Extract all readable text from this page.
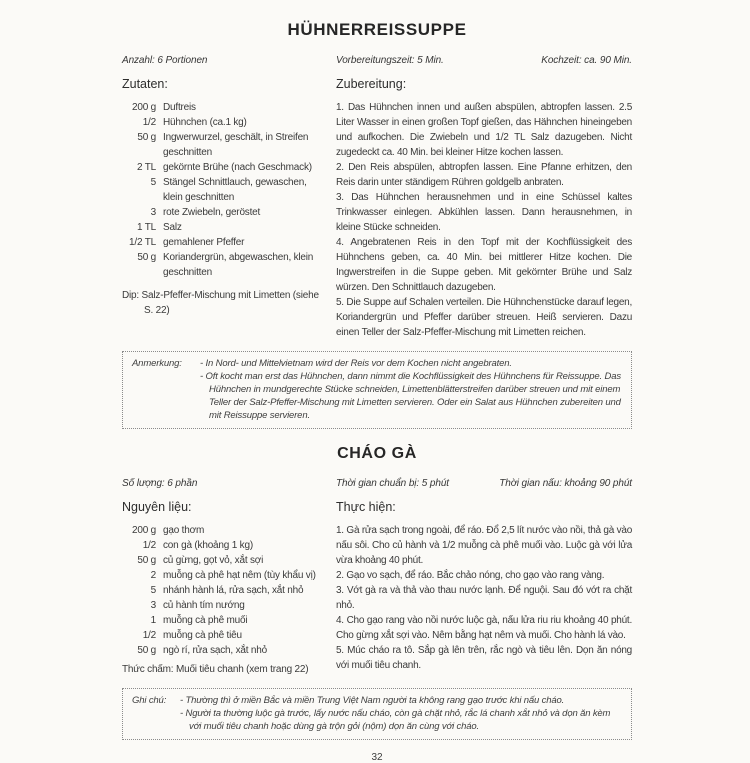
HÜHNERREISSUPPE
Anzahl: 6 Portionen	Vorbereitungszeit: 5 Min.	Kochzeit: ca. 90 Min.
Zutaten:
200 g Duftreis
1/2 Hühnchen (ca.1 kg)
50 g Ingwerwurzel, geschält, in Streifen geschnitten
2 TL gekörnte Brühe (nach Geschmack)
5 Stängel Schnittlauch, gewaschen, klein geschnitten
3 rote Zwiebeln, geröstet
1 TL Salz
1/2 TL gemahlener Pfeffer
50 g Koriandergrün, abgewaschen, klein geschnitten

Dip: Salz-Pfeffer-Mischung mit Limetten (siehe S. 22)

Zubereitung:

1. Das Hühnchen innen und außen abspülen, abtropfen lassen. 2.5 Liter Wasser in einen großen Topf gießen, das Hähnchen hineingeben und aufkochen. Die Zwiebeln und 1/2 TL Salz dazugeben. Nicht zugedeckt ca. 40 Min. bei kleiner Hitze kochen lassen.

2. Den Reis abspülen, abtropfen lassen. Eine Pfanne erhitzen, den Reis darin unter ständigem Rühren goldgelb anbraten.

3. Das Hühnchen herausnehmen und in eine Schüssel kaltes Trinkwasser einlegen. Abkühlen lassen. Dann herausnehmen, in kleine Stücke schneiden.

4. Angebratenen Reis in den Topf mit der Kochflüssigkeit des Hühnchens geben, ca. 40 Min. bei mittlerer Hitze kochen. Die Ingwerstreifen in die Suppe geben. Mit gekörnter Brühe und Salz würzen. Den Schnittlauch dazugeben.

5. Die Suppe auf Schalen verteilen. Die Hühnchenstücke darauf legen, Koriandergrün und Pfeffer darüber streuen. Heiß servieren. Dazu einen Teller der Salz-Pfeffer-Mischung mit Limetten reichen.

Anmerkung:	- In Nord- und Mittelvietnam wird der Reis vor dem Kochen nicht angebraten.

- Oft kocht man erst das Hühnchen, dann nimmt die Kochflüssigkeit des Hühnchens für Reissuppe. Das Hühnchen in mundgerechte Stücke schneiden, Limettenblätterstreifen darüber streuen und mit einem Teller der Salz-Pfeffer-Mischung mit Limetten servieren. Oder ein Salat aus Hühnchen zubereiten und mit Reissuppe servieren.

CHÁO GÀ
Số lượng: 6 phần	Thời gian chuẩn bị: 5 phút	Thời gian nấu: khoảng 90 phút
Nguyên liệu:
200 g gạo thơm
1/2 con gà (khoảng 1 kg)
50 g củ gừng, gọt vỏ, xắt sợi
2 muỗng cà phê hạt nêm (tùy khẩu vị)
5 nhánh hành lá, rửa sạch, xắt nhỏ
3 củ hành tím nướng
1 muỗng cà phê muối
1/2 muỗng cà phê tiêu
50 g ngò rí, rửa sạch, xắt nhỏ

Thức chấm: Muối tiêu chanh (xem trang 22)

Thực hiện:

1. Gà rửa sạch trong ngoài, để ráo. Đổ 2,5 lít nước vào nồi, thả gà vào nấu sôi. Cho củ hành và 1/2 muỗng cà phê muối vào. Luộc gà với lửa vừa khoảng 40 phút.

2. Gạo vo sạch, để ráo. Bắc chảo nóng, cho gạo vào rang vàng.

3. Vớt gà ra và thả vào thau nước lạnh. Để nguội. Sau đó vớt ra chặt nhỏ.

4. Cho gạo rang vào nồi nước luộc gà, nấu lửa riu riu khoảng 40 phút. Cho gừng xắt sợi vào. Nêm bằng hạt nêm và muối. Cho hành lá vào.

5. Múc cháo ra tô. Sắp gà lên trên, rắc ngò và tiêu lên. Dọn ăn nóng với muối tiêu chanh.

Ghi chú:	- Thường thì ở miền Bắc và miền Trung Việt Nam người ta không rang gạo trước khi nấu cháo.

- Người ta thường luộc gà trước, lấy nước nấu cháo, còn gà chặt nhỏ, rắc lá chanh xắt nhỏ và dọn ăn kèm với muối tiêu chanh hoặc dùng gà trộn gỏi (nộm) dọn ăn cùng với cháo.

32
